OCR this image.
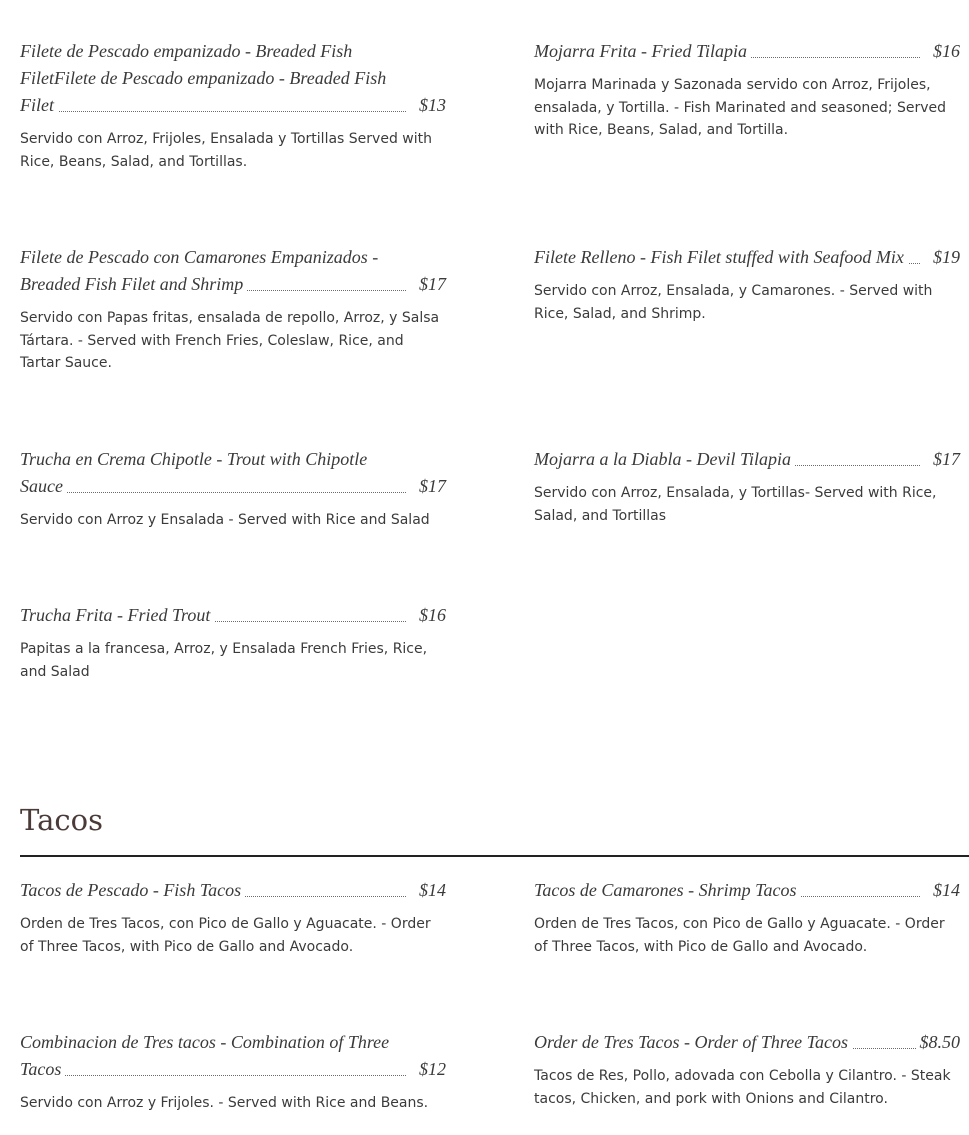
Filete de Pescado empanizado - Breaded Fish FiletFilete de Pescado empanizado - Breaded Fish Filet	$13
Servido con Arroz, Frijoles, Ensalada y Tortillas Served with Rice, Beans, Salad, and Tortillas.
Mojarra Frita - Fried Tilapia	$16
Mojarra Marinada y Sazonada servido con Arroz, Frijoles, ensalada, y Tortilla. - Fish Marinated and seasoned; Served with Rice, Beans, Salad, and Tortilla.
Filete de Pescado con Camarones Empanizados - Breaded Fish Filet and Shrimp	$17
Servido con Papas fritas, ensalada de repollo, Arroz, y Salsa Tártara. - Served with French Fries, Coleslaw, Rice, and Tartar Sauce.
Filete Relleno - Fish Filet stuffed with Seafood Mix	$19
Servido con Arroz, Ensalada, y Camarones. - Served with Rice, Salad, and Shrimp.
Trucha en Crema Chipotle - Trout with Chipotle Sauce	$17
Servido con Arroz y Ensalada - Served with Rice and Salad
Mojarra a la Diabla - Devil Tilapia	$17
Servido con Arroz, Ensalada, y Tortillas- Served with Rice, Salad, and Tortillas
Trucha Frita - Fried Trout	$16
Papitas a la francesa, Arroz, y Ensalada French Fries, Rice, and Salad
Tacos
Tacos de Pescado - Fish Tacos	$14
Orden de Tres Tacos, con Pico de Gallo y Aguacate. - Order of Three Tacos, with Pico de Gallo and Avocado.
Tacos de Camarones - Shrimp Tacos	$14
Orden de Tres Tacos, con Pico de Gallo y Aguacate. - Order of Three Tacos, with Pico de Gallo and Avocado.
Combinacion de Tres tacos - Combination of Three Tacos	$12
Servido con Arroz y Frijoles. - Served with Rice and Beans.
Order de Tres Tacos - Order of Three Tacos	$8.50
Tacos de Res, Pollo, adovada con Cebolla y Cilantro. - Steak tacos, Chicken, and pork with Onions and Cilantro.
